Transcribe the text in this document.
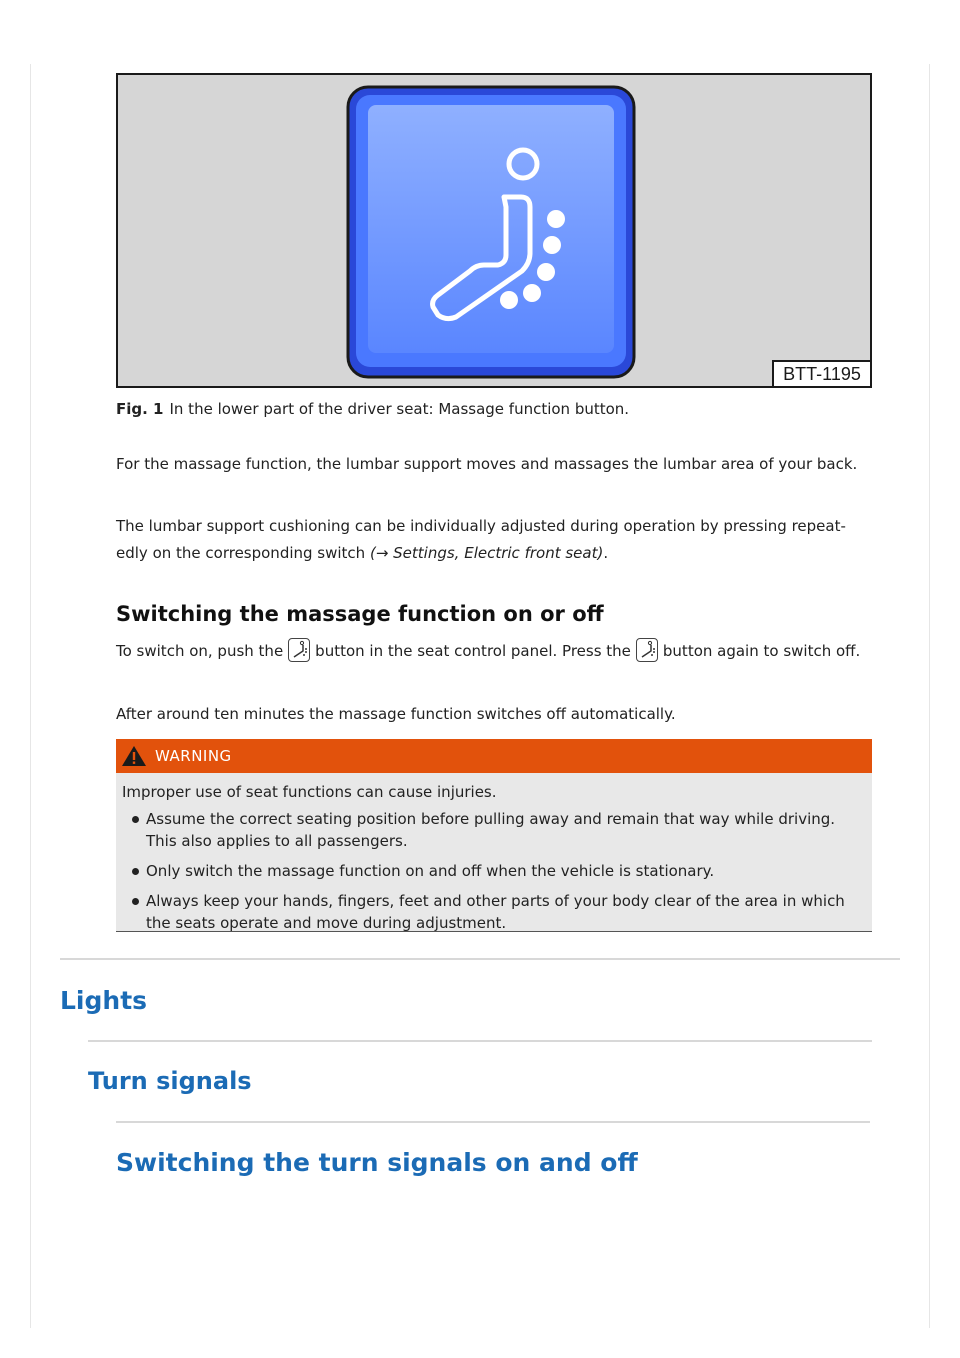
BTT-1195
Fig. 1 In the lower part of the driver seat: Massage function button.

For the massage function, the lumbar support moves and massages the lumbar area of your back.

The lumbar support cushioning can be individually adjusted during operation by pressing repeat-edly on the corresponding switch (→ Settings, Electric front seat).

Switching the massage function on or off

To switch on, push the button in the seat control panel. Press the button again to switch off.

After around ten minutes the massage function switches off automatically.

WARNING
Improper use of seat functions can cause injuries.
Assume the correct seating position before pulling away and remain that way while driving. This also applies to all passengers.
Only switch the massage function on and off when the vehicle is stationary.
Always keep your hands, fingers, feet and other parts of your body clear of the area in which the seats operate and move during adjustment.
Lights
Turn signals
Switching the turn signals on and off
